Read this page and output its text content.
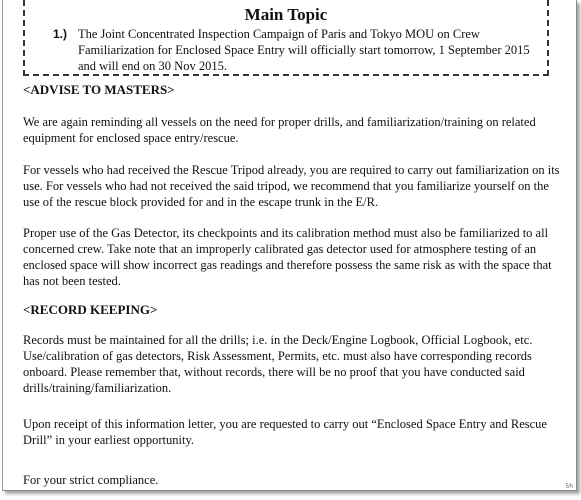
Main Topic
1.) The Joint Concentrated Inspection Campaign of Paris and Tokyo MOU on Crew Familiarization for Enclosed Space Entry will officially start tomorrow, 1 September 2015 and will end on 30 Nov 2015.
<ADVISE TO MASTERS>
We are again reminding all vessels on the need for proper drills, and familiarization/training on related equipment for enclosed space entry/rescue.
For vessels who had received the Rescue Tripod already, you are required to carry out familiarization on its use. For vessels who had not received the said tripod, we recommend that you familiarize yourself on the use of the rescue block provided for and in the escape trunk in the E/R.
Proper use of the Gas Detector, its checkpoints and its calibration method must also be familiarized to all concerned crew. Take note that an improperly calibrated gas detector used for atmosphere testing of an enclosed space will show incorrect gas readings and therefore possess the same risk as with the space that has not been tested.
<RECORD KEEPING>
Records must be maintained for all the drills; i.e. in the Deck/Engine Logbook, Official Logbook, etc. Use/calibration of gas detectors, Risk Assessment, Permits, etc. must also have corresponding records onboard. Please remember that, without records, there will be no proof that you have conducted said drills/training/familiarization.
Upon receipt of this information letter, you are requested to carry out “Enclosed Space Entry and Rescue Drill” in your earliest opportunity.
For your strict compliance.	5h
